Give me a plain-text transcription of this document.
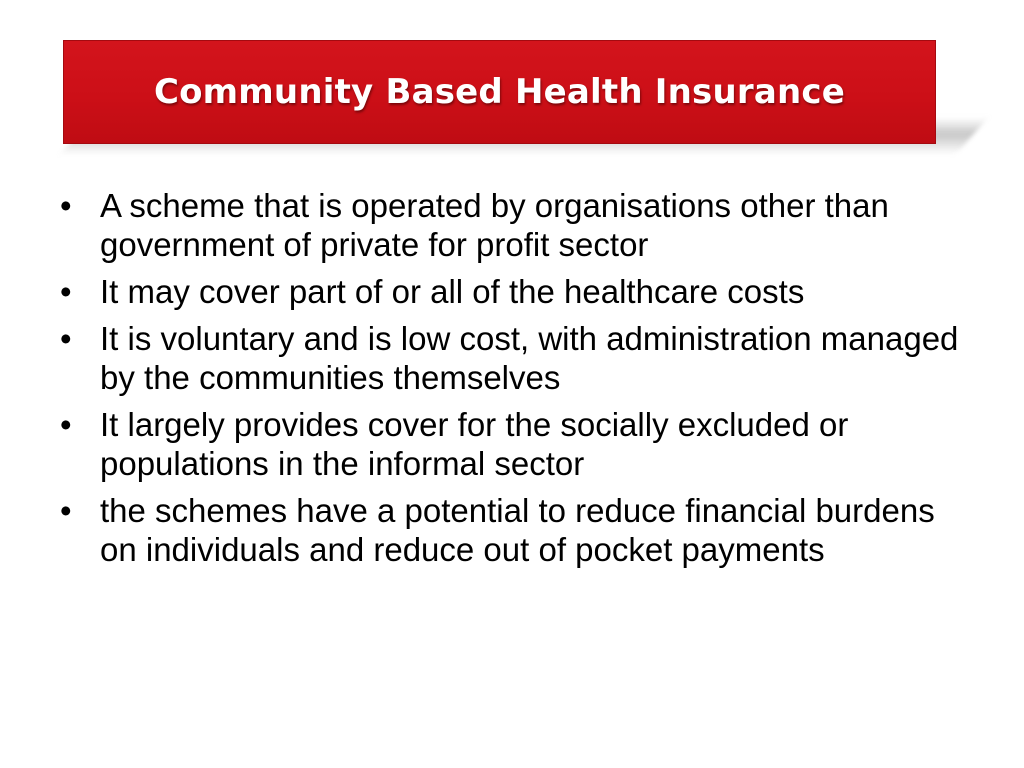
Community Based Health Insurance
• A scheme that is operated by organisations other than government of private for profit sector
• It may cover part of or all of the healthcare costs
• It is voluntary and is low cost, with administration managed by the communities themselves
• It largely provides cover for the socially excluded or populations in the informal sector
• the schemes have a potential to reduce financial burdens on individuals and reduce out of pocket payments
